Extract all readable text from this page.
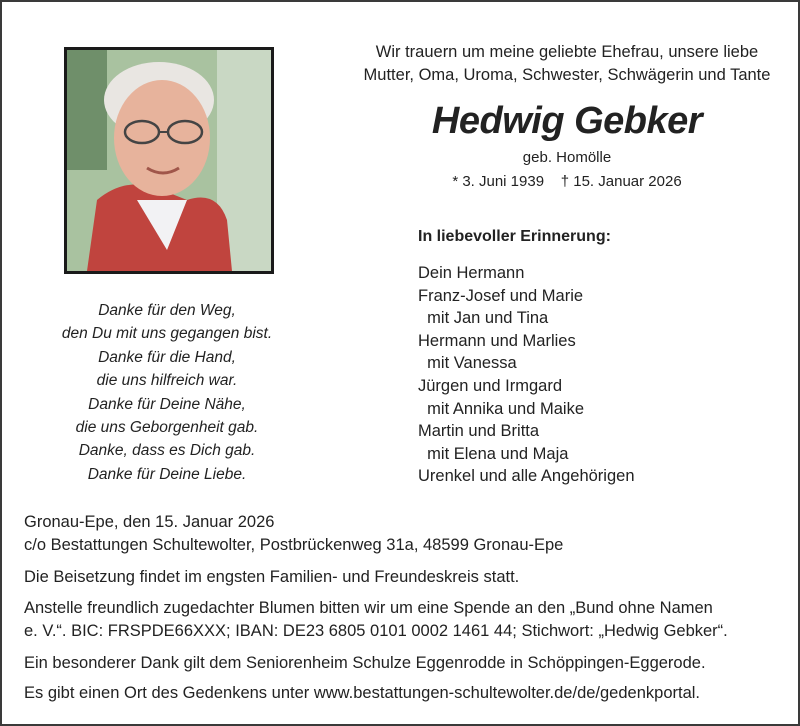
Wir trauern um meine geliebte Ehefrau, unsere liebe
Mutter, Oma, Uroma, Schwester, Schwägerin und Tante
Hedwig Gebker
geb. Homölle
* 3. Juni 1939 † 15. Januar 2026
In liebevoller Erinnerung:
Dein Hermann
Franz-Josef und Marie
mit Jan und Tina
Hermann und Marlies
mit Vanessa
Jürgen und Irmgard
mit Annika und Maike
Martin und Britta
mit Elena und Maja
Urenkel und alle Angehörigen
Danke für den Weg,
den Du mit uns gegangen bist.
Danke für die Hand,
die uns hilfreich war.
Danke für Deine Nähe,
die uns Geborgenheit gab.
Danke, dass es Dich gab.
Danke für Deine Liebe.
Gronau-Epe, den 15. Januar 2026
c/o Bestattungen Schultewolter, Postbrückenweg 31a, 48599 Gronau-Epe
Die Beisetzung findet im engsten Familien- und Freundeskreis statt.
Anstelle freundlich zugedachter Blumen bitten wir um eine Spende an den „Bund ohne Namen
e. V.“. BIC: FRSPDE66XXX; IBAN: DE23 6805 0101 0002 1461 44; Stichwort: „Hedwig Gebker“.
Ein besonderer Dank gilt dem Seniorenheim Schulze Eggenrodde in Schöppingen-Eggerode.
Es gibt einen Ort des Gedenkens unter www.bestattungen-schultewolter.de/de/gedenkportal.
